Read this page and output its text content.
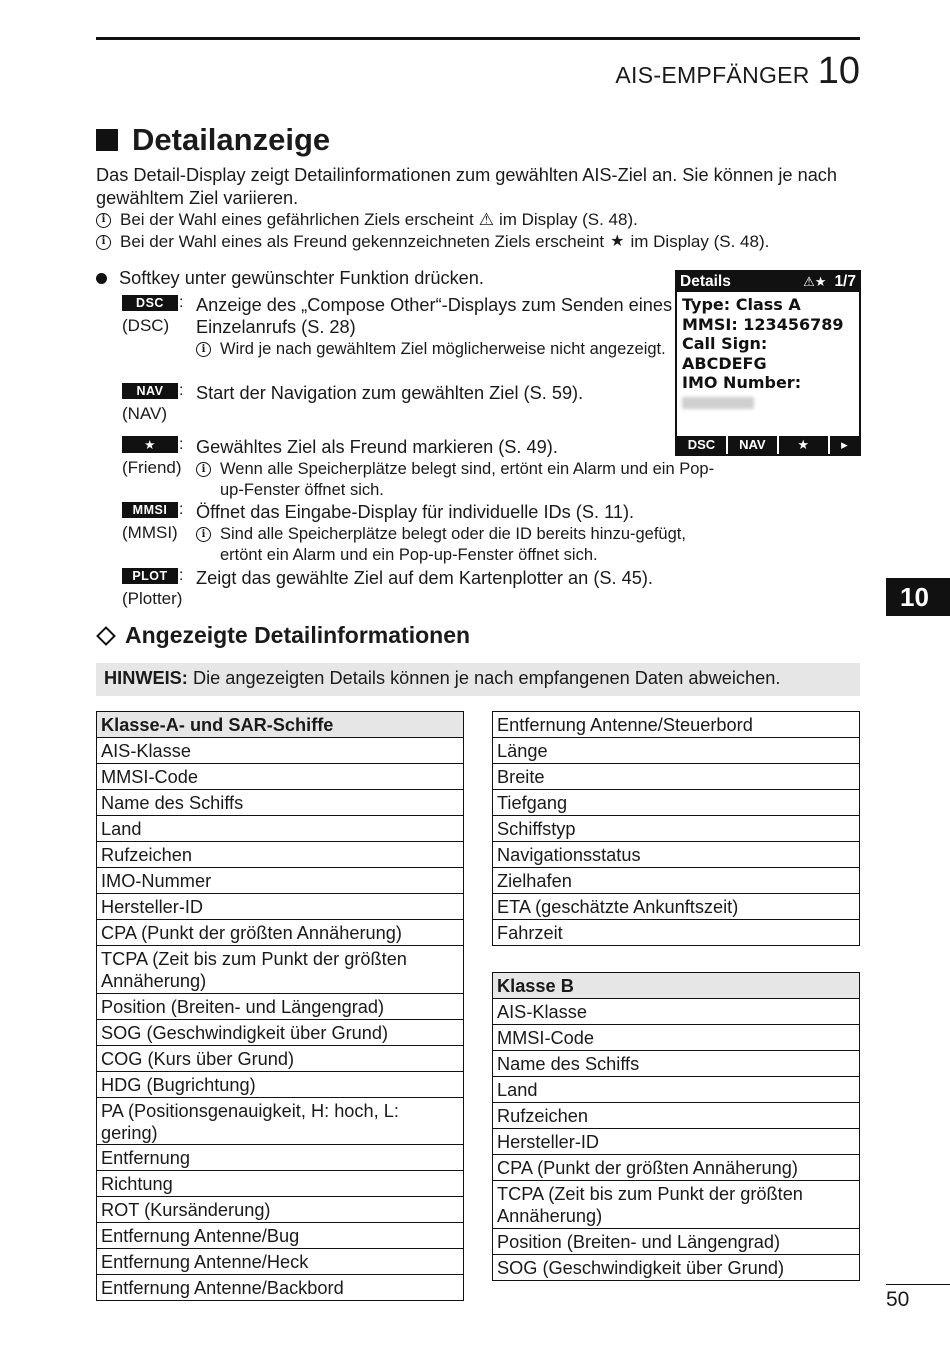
AIS-EMPFÄNGER 10
Detailanzeige

Das Detail-Display zeigt Detailinformationen zum gewählten AIS-Ziel an. Sie können je nach gewähltem Ziel variieren.

i Bei der Wahl eines gefährlichen Ziels erscheint ⚠ im Display (S. 48).
i Bei der Wahl eines als Freund gekennzeichneten Ziels erscheint ★ im Display (S. 48).
Softkey unter gewünschter Funktion drücken.
DSC :
(DSC)
Anzeige des „Compose Other“-Displays zum Senden eines Einzelanrufs (S. 28)
i Wird je nach gewähltem Ziel möglicherweise nicht angezeigt.
NAV :
(NAV)
Start der Navigation zum gewählten Ziel (S. 59).
★ :
(Friend)
Gewähltes Ziel als Freund markieren (S. 49).
i Wenn alle Speicherplätze belegt sind, ertönt ein Alarm und ein Pop-up-Fenster öffnet sich.
MMSI :
(MMSI)
Öffnet das Eingabe-Display für individuelle IDs (S. 11).
i Sind alle Speicherplätze belegt oder die ID bereits hinzu-gefügt, ertönt ein Alarm und ein Pop-up-Fenster öffnet sich.
PLOT :
(Plotter)
Zeigt das gewählte Ziel auf dem Kartenplotter an (S. 45).
Details	⚠★ 1/7
Type: Class A
MMSI: 123456789
Call Sign:
ABCDEFG
IMO Number:
DSC	NAV	★	▸
Angezeigte Detailinformationen
HINWEIS: Die angezeigten Details können je nach empfangenen Daten abweichen.
Klasse-A- und SAR-Schiffe
AIS-Klasse
MMSI-Code
Name des Schiffs
Land
Rufzeichen
IMO-Nummer
Hersteller-ID
CPA (Punkt der größten Annäherung)
TCPA (Zeit bis zum Punkt der größten Annäherung)
Position (Breiten- und Längengrad)
SOG (Geschwindigkeit über Grund)
COG (Kurs über Grund)
HDG (Bugrichtung)
PA (Positionsgenauigkeit, H: hoch, L: gering)
Entfernung
Richtung
ROT (Kursänderung)
Entfernung Antenne/Bug
Entfernung Antenne/Heck
Entfernung Antenne/Backbord
Entfernung Antenne/Steuerbord
Länge
Breite
Tiefgang
Schiffstyp
Navigationsstatus
Zielhafen
ETA (geschätzte Ankunftszeit)
Fahrzeit
Klasse B
AIS-Klasse
MMSI-Code
Name des Schiffs
Land
Rufzeichen
Hersteller-ID
CPA (Punkt der größten Annäherung)
TCPA (Zeit bis zum Punkt der größten Annäherung)
Position (Breiten- und Längengrad)
SOG (Geschwindigkeit über Grund)
10
50
